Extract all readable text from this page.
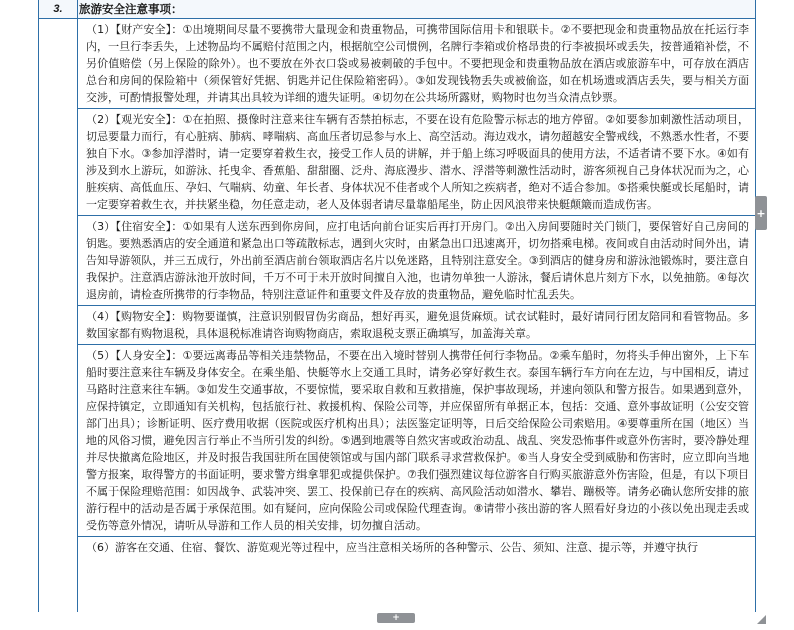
3.	旅游安全注意事项：
（1）【财产安全】：①出境期间尽量不要携带大量现金和贵重物品，可携带国际信用卡和银联卡。②不要把现金和贵重物品放在托运行李内，一旦行李丢失，上述物品均不属赔付范围之内，根据航空公司惯例，名牌行李箱或价格昂贵的行李被损坏或丢失，按普通箱补偿，不另价值赔偿（另上保险的除外）。也不要放在外衣口袋或易被刺破的手包中。不要把现金和贵重物品放在酒店或旅游车中，可存放在酒店总台和房间的保险箱中（须保管好凭据、钥匙并记住保险箱密码）。③如发现钱物丢失或被偷盗，如在机场遗或酒店丢失，要与相关方面交涉，可酌情报警处理，并请其出具较为详细的遗失证明。④切勿在公共场所露财，购物时也勿当众清点钞票。
（2）【观光安全】：①在拍照、摄像时注意来往车辆有否禁拍标志，不要在设有危险警示标志的地方停留。②如要参加刺激性活动项目，切忌要量力而行，有心脏病、肺病、哮喘病、高血压者切忌参与水上、高空活动。海边戏水，请勿超越安全警戒线，不熟悉水性者，不要独自下水。③参加浮潜时，请一定要穿着救生衣，接受工作人员的讲解，并于船上练习呼吸面具的使用方法，不适者请不要下水。④如有涉及到水上游玩，如游泳、托曳伞、香蕉船、甜甜圈、泛舟、海底漫步、潜水、浮潜等刺激性活动时，游客须视自己身体状况而为之，心脏疾病、高低血压、孕妇、气喘病、幼童、年长者、身体状况不佳者或个人所知之疾病者，绝对不适合参加。⑤搭乘快艇或长尾船时，请一定要穿着救生衣，并扶紧坐稳，勿任意走动，老人及体弱者请尽量靠船尾坐，防止因风浪带来快艇颠簸而造成伤害。
（3）【住宿安全】：①如果有人送东西到你房间，应打电话向前台证实后再打开房门。②出入房间要随时关门锁门，要保管好自己房间的钥匙。要熟悉酒店的安全通道和紧急出口等疏散标志，遇到火灾时，由紧急出口迅速离开，切勿搭乘电梯。夜间或自由活动时间外出，请告知导游领队，并三五成行，外出前至酒店前台领取酒店名片以免迷路，且特别注意安全。③到酒店的健身房和游泳池锻炼时，要注意自我保护。注意酒店游泳池开放时间，千万不可于未开放时间擅自入池，也请勿单独一人游泳，餐后请休息片刻方下水，以免抽筋。④每次退房前，请检查所携带的行李物品，特别注意证件和重要文件及存放的贵重物品，避免临时忙乱丢失。
（4）【购物安全】：购物要谨慎，注意识别假冒伪劣商品，想好再买，避免退货麻烦。试衣试鞋时，最好请同行团友陪同和看管物品。多数国家都有购物退税，具体退税标准请咨询购物商店，索取退税支票正确填写，加盖海关章。
（5）【人身安全】：①要远离毒品等相关违禁物品，不要在出入境时替别人携带任何行李物品。②乘车船时，勿将头手伸出窗外，上下车船时要注意来往车辆及身体安全。在乘坐船、快艇等水上交通工具时，请务必穿好救生衣。泰国车辆行车方向在左边，与中国相反，请过马路时注意来往车辆。③如发生交通事故，不要惊慌，要采取自救和互救措施，保护事故现场，并速向领队和警方报告。如果遇到意外，应保持镇定，立即通知有关机构，包括旅行社、救援机构、保险公司等，并应保留所有单据正本，包括：交通、意外事故证明（公安交管部门出具）；诊断证明、医疗费用收据（医院或医疗机构出具）；法医鉴定证明等，日后交给保险公司索赔用。④要尊重所在国（地区）当地的风俗习惯，避免因言行举止不当所引发的纠纷。⑤遇到地震等自然灾害或政治动乱、战乱、突发恐怖事件或意外伤害时，要冷静处理并尽快撤离危险地区，并及时报告我国驻所在国使领馆或与国内部门联系寻求营救保护。⑥当人身安全受到威胁和伤害时，应立即向当地警方报案，取得警方的书面证明，要求警方缉拿罪犯或提供保护。⑦我们强烈建议每位游客自行购买旅游意外伤害险，但是，有以下项目不属于保险理赔范围：如因战争、武装冲突、罢工、投保前已存在的疾病、高风险活动如潜水、攀岩、蹦极等。请务必确认您所安排的旅游行程中的活动是否属于承保范围。如有疑问，应向保险公司或保险代理查询。⑧请带小孩出游的客人照看好身边的小孩以免出现走丢或受伤等意外情况，请听从导游和工作人员的相关安排，切勿擅自活动。
（6）游客在交通、住宿、餐饮、游览观光等过程中，应当注意相关场所的各种警示、公告、须知、注意、提示等，并遵守执行
+
+
